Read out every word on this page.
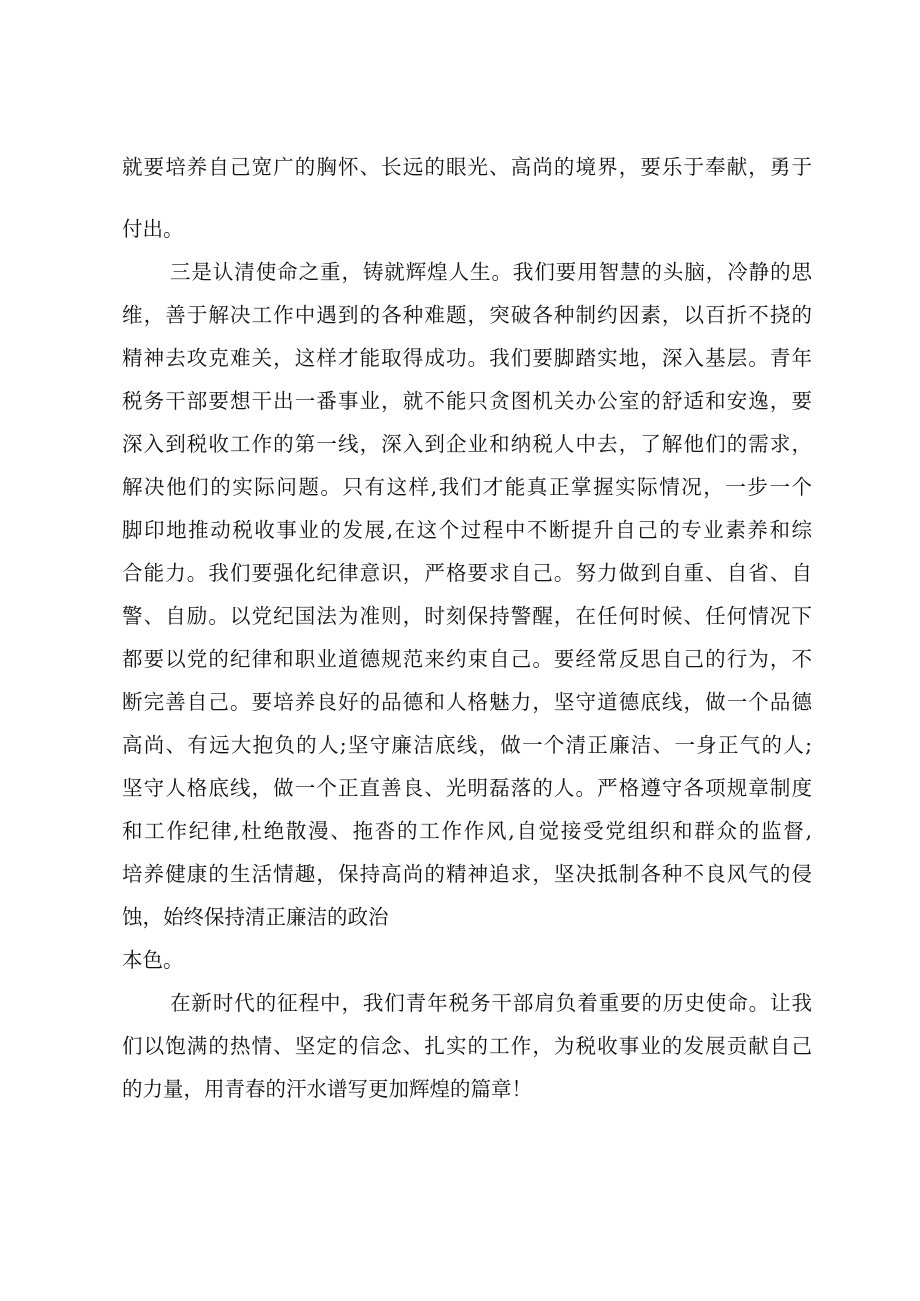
就要培养自己宽广的胸怀、长远的眼光、高尚的境界，要乐于奉献，勇于

付出。

三是认清使命之重，铸就辉煌人生。我们要用智慧的头脑，冷静的思

维，善于解决工作中遇到的各种难题，突破各种制约因素，以百折不挠的

精神去攻克难关，这样才能取得成功。我们要脚踏实地，深入基层。青年

税务干部要想干出一番事业，就不能只贪图机关办公室的舒适和安逸，要

深入到税收工作的第一线，深入到企业和纳税人中去，了解他们的需求，

解决他们的实际问题。只有这样,我们才能真正掌握实际情况，一步一个

脚印地推动税收事业的发展,在这个过程中不断提升自己的专业素养和综

合能力。我们要强化纪律意识，严格要求自己。努力做到自重、自省、自

警、自励。以党纪国法为准则，时刻保持警醒，在任何时候、任何情况下

都要以党的纪律和职业道德规范来约束自己。要经常反思自己的行为，不

断完善自己。要培养良好的品德和人格魅力，坚守道德底线，做一个品德

高尚、有远大抱负的人;坚守廉洁底线，做一个清正廉洁、一身正气的人;

坚守人格底线，做一个正直善良、光明磊落的人。严格遵守各项规章制度

和工作纪律,杜绝散漫、拖沓的工作作风,自觉接受党组织和群众的监督,

培养健康的生活情趣，保持高尚的精神追求，坚决抵制各种不良风气的侵

蚀，始终保持清正廉洁的政治

本色。

在新时代的征程中，我们青年税务干部肩负着重要的历史使命。让我

们以饱满的热情、坚定的信念、扎实的工作，为税收事业的发展贡献自己

的力量，用青春的汗水谱写更加辉煌的篇章！
